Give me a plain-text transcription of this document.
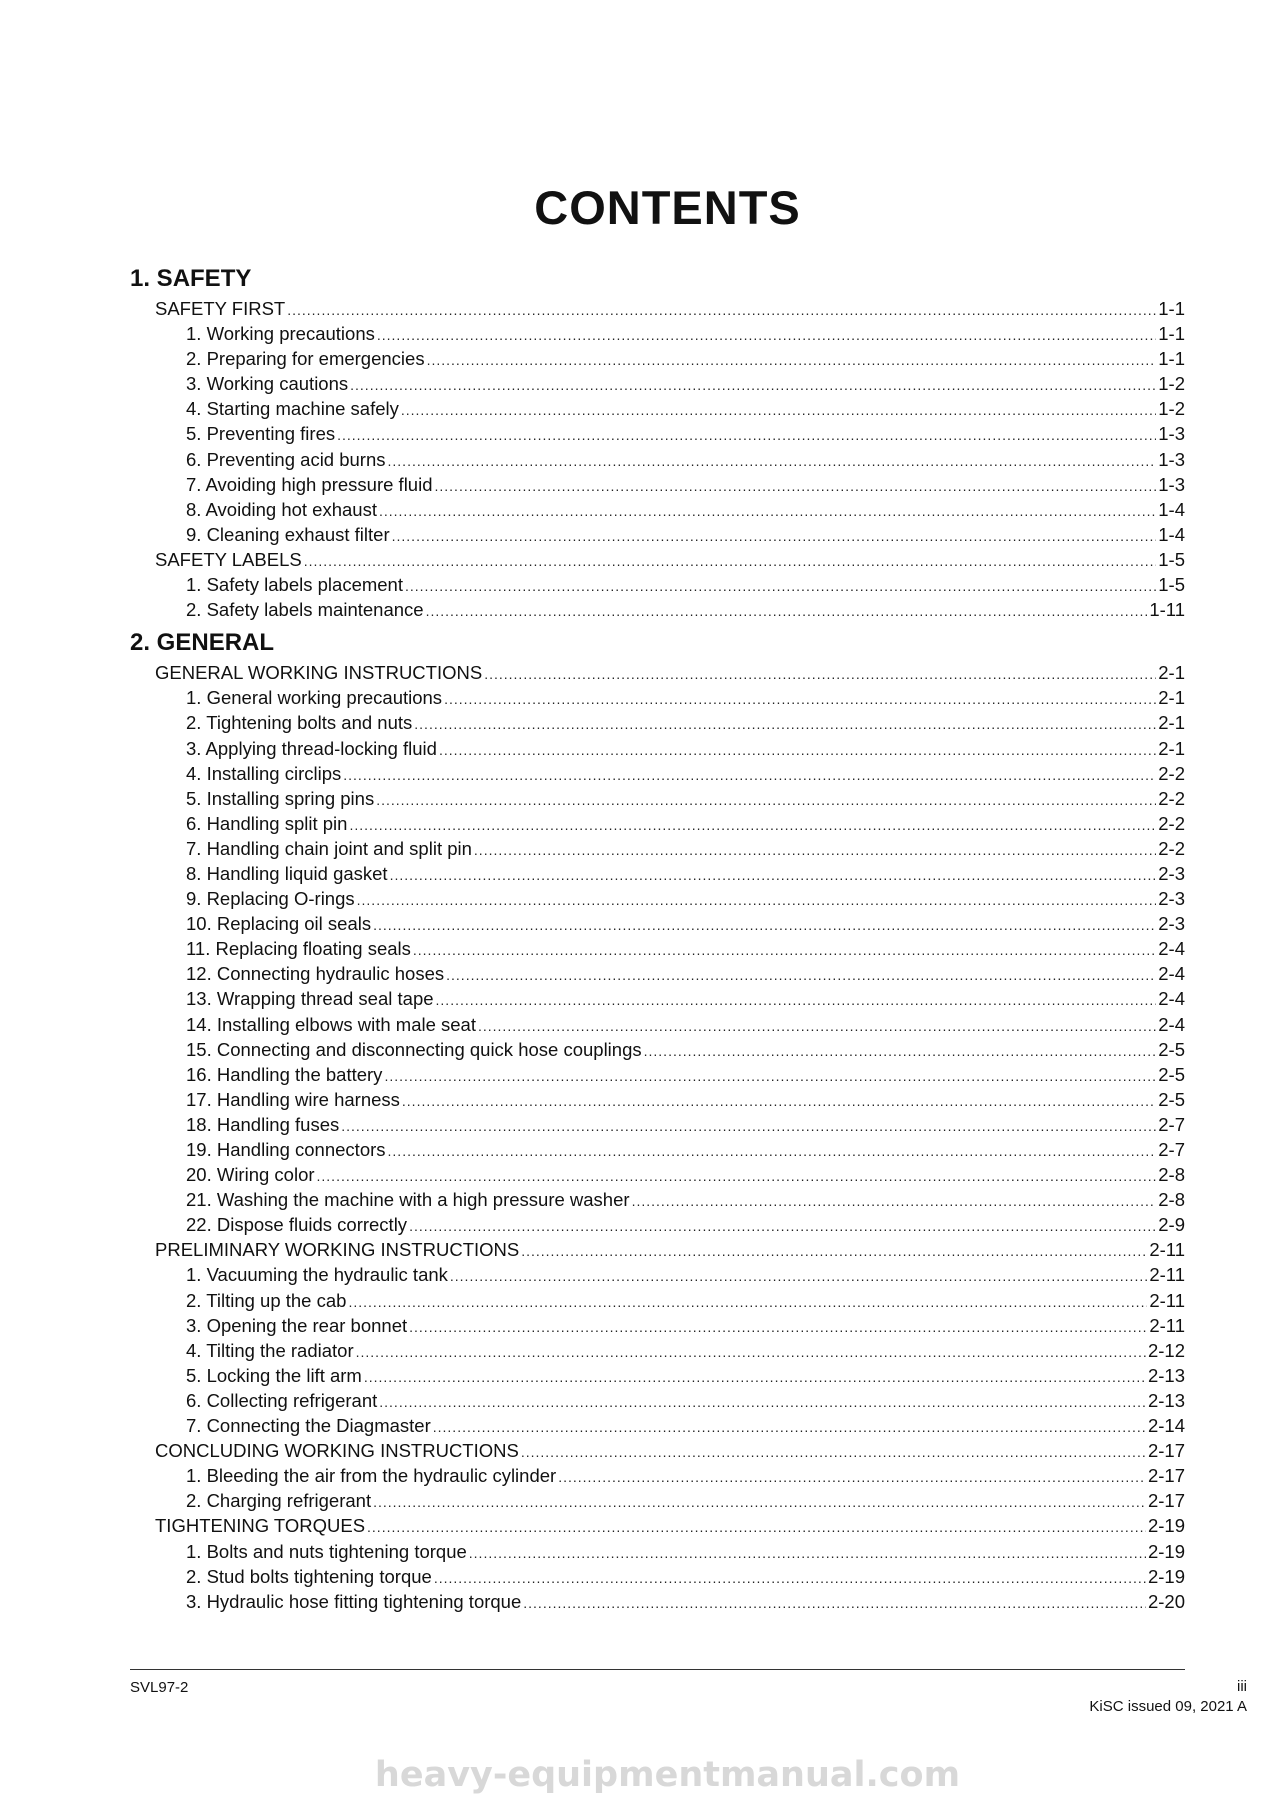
CONTENTS
1. SAFETY
SAFETY FIRST .....	1-1
1. Working precautions .....	1-1
2. Preparing for emergencies .....	1-1
3. Working cautions .....	1-2
4. Starting machine safely .....	1-2
5. Preventing fires .....	1-3
6. Preventing acid burns .....	1-3
7. Avoiding high pressure fluid .....	1-3
8. Avoiding hot exhaust .....	1-4
9. Cleaning exhaust filter .....	1-4
SAFETY LABELS .....	1-5
1. Safety labels placement .....	1-5
2. Safety labels maintenance .....	1-11
2. GENERAL
GENERAL WORKING INSTRUCTIONS .....	2-1
1. General working precautions .....	2-1
2. Tightening bolts and nuts .....	2-1
3. Applying thread-locking fluid .....	2-1
4. Installing circlips .....	2-2
5. Installing spring pins .....	2-2
6. Handling split pin .....	2-2
7. Handling chain joint and split pin .....	2-2
8. Handling liquid gasket .....	2-3
9. Replacing O-rings .....	2-3
10. Replacing oil seals .....	2-3
11. Replacing floating seals .....	2-4
12. Connecting hydraulic hoses .....	2-4
13. Wrapping thread seal tape .....	2-4
14. Installing elbows with male seat .....	2-4
15. Connecting and disconnecting quick hose couplings .....	2-5
16. Handling the battery .....	2-5
17. Handling wire harness .....	2-5
18. Handling fuses .....	2-7
19. Handling connectors .....	2-7
20. Wiring color .....	2-8
21. Washing the machine with a high pressure washer .....	2-8
22. Dispose fluids correctly .....	2-9
PRELIMINARY WORKING INSTRUCTIONS .....	2-11
1. Vacuuming the hydraulic tank .....	2-11
2. Tilting up the cab .....	2-11
3. Opening the rear bonnet .....	2-11
4. Tilting the radiator .....	2-12
5. Locking the lift arm .....	2-13
6. Collecting refrigerant .....	2-13
7. Connecting the Diagmaster .....	2-14
CONCLUDING WORKING INSTRUCTIONS .....	2-17
1. Bleeding the air from the hydraulic cylinder .....	2-17
2. Charging refrigerant .....	2-17
TIGHTENING TORQUES .....	2-19
1. Bolts and nuts tightening torque .....	2-19
2. Stud bolts tightening torque .....	2-19
3. Hydraulic hose fitting tightening torque .....	2-20
SVL97-2	iii
KiSC issued 09, 2021 A
heavy-equipmentmanual.com
